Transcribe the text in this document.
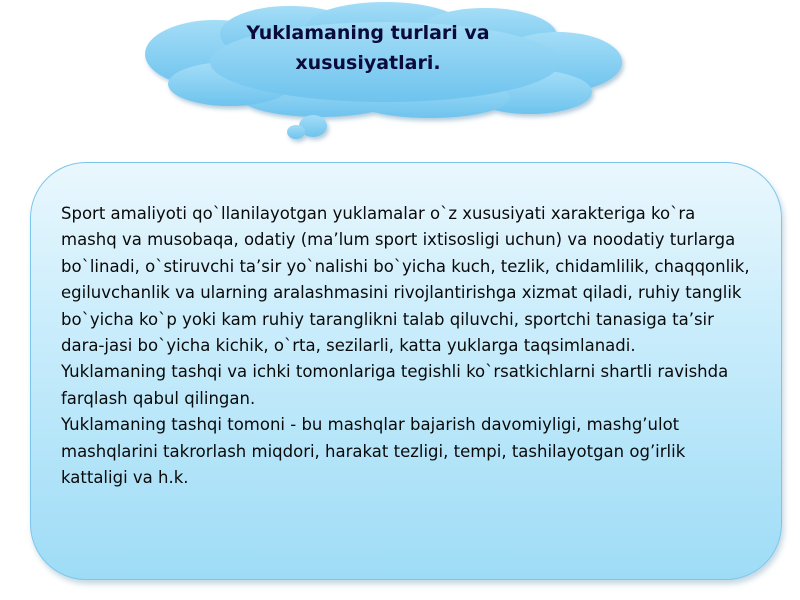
Yuklamaning turlari va xususiyatlari.

Sport amaliyoti qo`llanilayotgan yuklamalar o`z xususiyati xarakteriga ko`ra mashq va musobaqa, odatiy (ma’lum sport ixtisosligi uchun) va noodatiy turlarga bo`linadi, o`stiruvchi ta’sir yo`nalishi bo`yicha kuch, tezlik, chidamlilik, chaqqonlik, egiluvchanlik va ularning aralashmasini rivojlantirishga xizmat qiladi, ruhiy tanglik bo`yicha ko`p yoki kam ruhiy taranglikni talab qiluvchi, sportchi tanasiga ta’sir dara-jasi bo`yicha kichik, o`rta, sezilarli, katta yuklarga taqsimlanadi.

Yuklamaning tashqi va ichki tomonlariga tegishli ko`rsatkichlarni shartli ravishda farqlash qabul qilingan.

Yuklamaning tashqi tomoni - bu mashqlar bajarish davomiyligi, mashg’ulot mashqlarini takrorlash miqdori, harakat tezligi, tempi, tashilayotgan og’irlik kattaligi va h.k.
